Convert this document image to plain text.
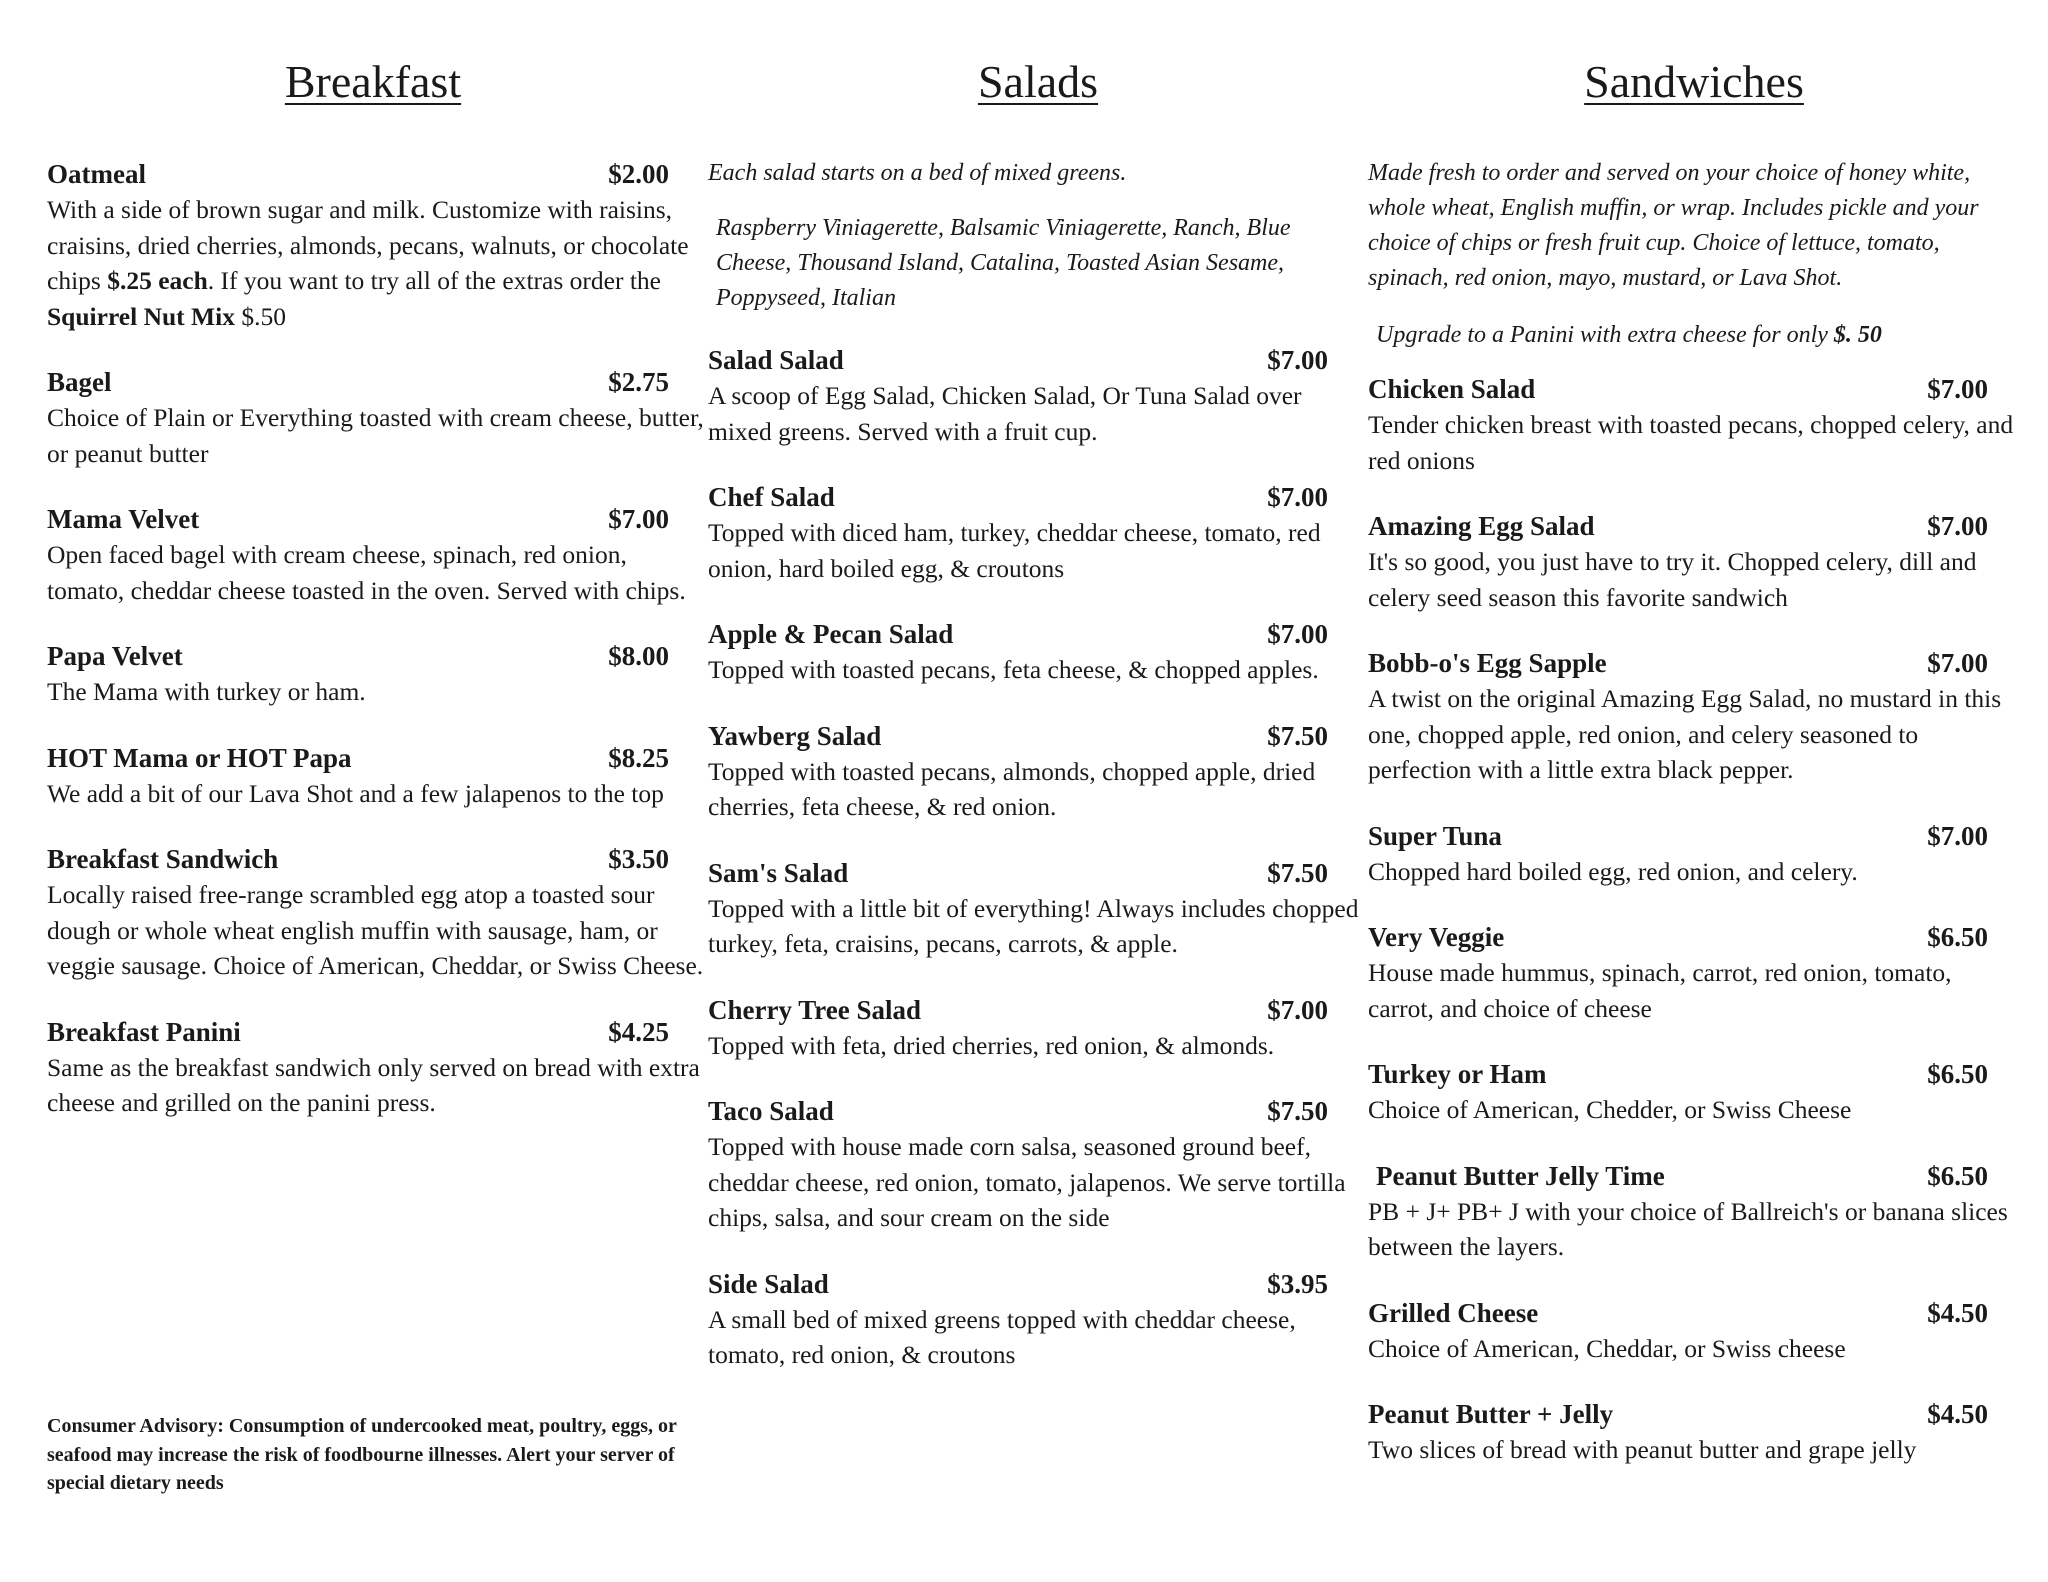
Breakfast
Oatmeal	$2.00
With a side of brown sugar and milk. Customize with raisins, craisins, dried cherries, almonds, pecans, walnuts, or chocolate chips $.25 each. If you want to try all of the extras order the Squirrel Nut Mix $.50
Bagel	$2.75
Choice of Plain or Everything toasted with cream cheese, butter, or peanut butter
Mama Velvet	$7.00
Open faced bagel with cream cheese, spinach, red onion, tomato, cheddar cheese toasted in the oven. Served with chips.
Papa Velvet	$8.00
The Mama with turkey or ham.
HOT Mama or HOT Papa	$8.25
We add a bit of our Lava Shot and a few jalapenos to the top
Breakfast Sandwich	$3.50
Locally raised free-range scrambled egg atop a toasted sour dough or whole wheat english muffin with sausage, ham, or veggie sausage. Choice of American, Cheddar, or Swiss Cheese.
Breakfast Panini	$4.25
Same as the breakfast sandwich only served on bread with extra cheese and grilled on the panini press.
Consumer Advisory: Consumption of undercooked meat, poultry, eggs, or seafood may increase the risk of foodbourne illnesses. Alert your server of special dietary needs
Salads

Each salad starts on a bed of mixed greens.

Raspberry Viniagerette, Balsamic Viniagerette, Ranch, Blue Cheese, Thousand Island, Catalina, Toasted Asian Sesame, Poppyseed, Italian

Salad Salad	$7.00
A scoop of Egg Salad, Chicken Salad, Or Tuna Salad over mixed greens. Served with a fruit cup.
Chef Salad	$7.00
Topped with diced ham, turkey, cheddar cheese, tomato, red onion, hard boiled egg, & croutons
Apple & Pecan Salad	$7.00
Topped with toasted pecans, feta cheese, & chopped apples.
Yawberg Salad	$7.50
Topped with toasted pecans, almonds, chopped apple, dried cherries, feta cheese, & red onion.
Sam's Salad	$7.50
Topped with a little bit of everything! Always includes chopped turkey, feta, craisins, pecans, carrots, & apple.
Cherry Tree Salad	$7.00
Topped with feta, dried cherries, red onion, & almonds.
Taco Salad	$7.50
Topped with house made corn salsa, seasoned ground beef, cheddar cheese, red onion, tomato, jalapenos. We serve tortilla chips, salsa, and sour cream on the side
Side Salad	$3.95
A small bed of mixed greens topped with cheddar cheese, tomato, red onion, & croutons
Sandwiches

Made fresh to order and served on your choice of honey white, whole wheat, English muffin, or wrap. Includes pickle and your choice of chips or fresh fruit cup. Choice of lettuce, tomato, spinach, red onion, mayo, mustard, or Lava Shot.

Upgrade to a Panini with extra cheese for only $. 50

Chicken Salad	$7.00
Tender chicken breast with toasted pecans, chopped celery, and red onions
Amazing Egg Salad	$7.00
It's so good, you just have to try it. Chopped celery, dill and celery seed season this favorite sandwich
Bobb-o's Egg Sapple	$7.00
A twist on the original Amazing Egg Salad, no mustard in this one, chopped apple, red onion, and celery seasoned to perfection with a little extra black pepper.
Super Tuna	$7.00
Chopped hard boiled egg, red onion, and celery.
Very Veggie	$6.50
House made hummus, spinach, carrot, red onion, tomato, carrot, and choice of cheese
Turkey or Ham	$6.50
Choice of American, Chedder, or Swiss Cheese
Peanut Butter Jelly Time	$6.50
PB + J+ PB+ J with your choice of Ballreich's or banana slices between the layers.
Grilled Cheese	$4.50
Choice of American, Cheddar, or Swiss cheese
Peanut Butter + Jelly	$4.50
Two slices of bread with peanut butter and grape jelly
